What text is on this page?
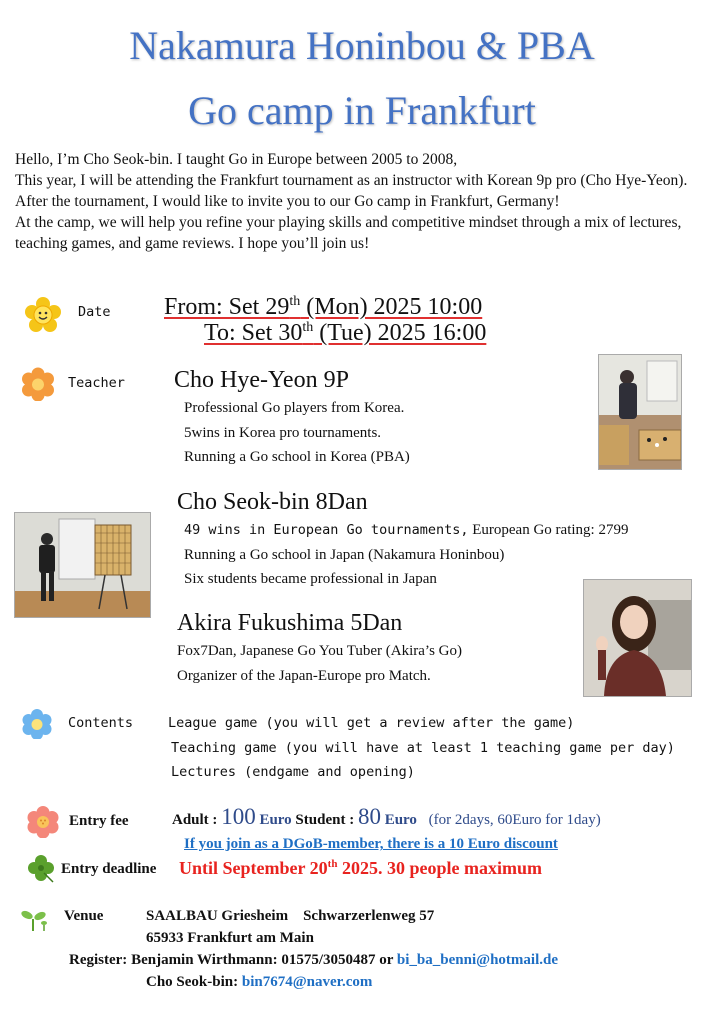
Nakamura Honinbou & PBA
Go camp in Frankfurt

Hello, I’m Cho Seok-bin. I taught Go in Europe between 2005 to 2008,

This year, I will be attending the Frankfurt tournament as an instructor with Korean 9p pro (Cho Hye-Yeon). After the tournament, I would like to invite you to our Go camp in Frankfurt, Germany!

At the camp, we will help you refine your playing skills and competitive mindset through a mix of lectures, teaching games, and game reviews. I hope you’ll join us!

Date From: Set 29th (Mon) 2025 10:00
To: Set 30th (Tue) 2025 16:00
Teacher Cho Hye-Yeon 9P
Professional Go players from Korea.
5wins in Korea pro tournaments.
Running a Go school in Korea (PBA)
Cho Seok-bin 8Dan
49 wins in European Go tournaments, European Go rating: 2799
Running a Go school in Japan (Nakamura Honinbou)
Six students became professional in Japan
Akira Fukushima 5Dan
Fox7Dan, Japanese Go You Tuber (Akira’s Go)
Organizer of the Japan-Europe pro Match.
Contents	League game (you will get a review after the game)
Teaching game (you will have at least 1 teaching game per day)
Lectures (endgame and opening)
Entry fee	Adult : 100 Euro Student : 80 Euro (for 2days, 60Euro for 1day)
If you join as a DGoB-member, there is a 10 Euro discount
Entry deadline Until September 20th 2025. 30 people maximum
Venue	SAALBAU Griesheim    Schwarzerlenweg 57
65933 Frankfurt am Main
Register: Benjamin Wirthmann: 01575/3050487 or bi_ba_benni@hotmail.de
Cho Seok-bin: bin7674@naver.com
